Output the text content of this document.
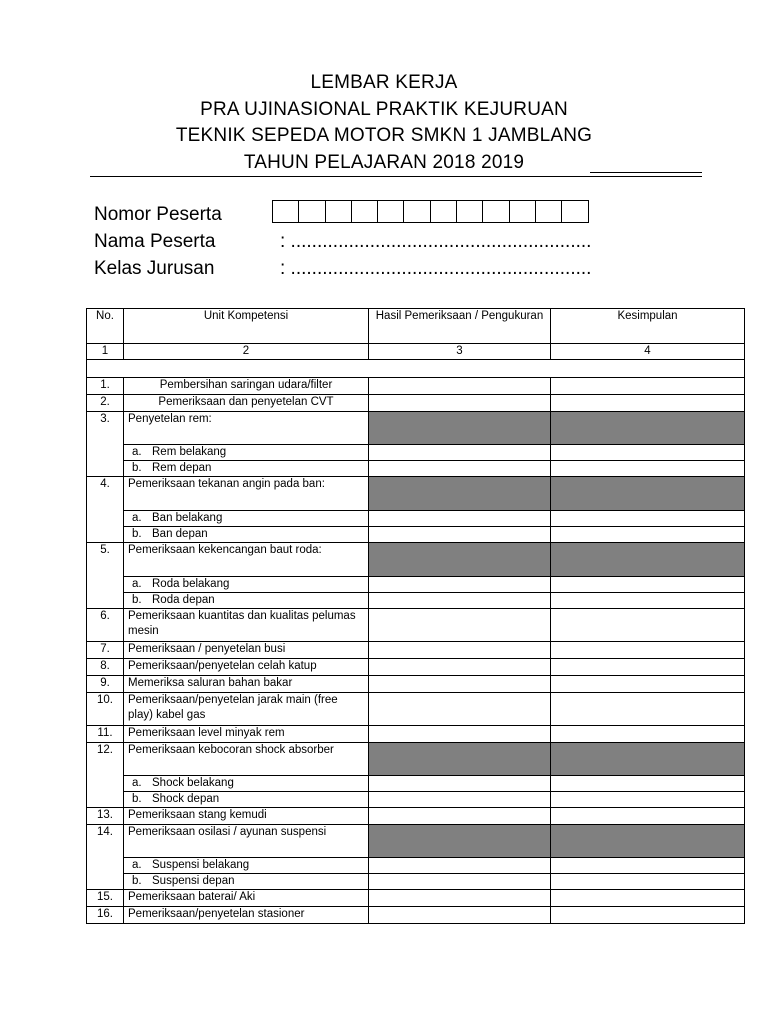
LEMBAR KERJA
PRA UJINASIONAL PRAKTIK KEJURUAN
TEKNIK SEPEDA MOTOR SMKN 1 JAMBLANG
TAHUN PELAJARAN 2018 2019
Nomor Peserta
Nama Peserta	: .........................................................
Kelas Jurusan	: .........................................................
No.	Unit Kompetensi	Hasil Pemeriksaan / Pengukuran	Kesimpulan
1	2	3	4

1.	Pembersihan saringan udara/filter		
2.	Pemeriksaan dan penyetelan CVT		
3.	Penyetelan rem:		
	a. Rem belakang		
	b. Rem depan		
4.	Pemeriksaan tekanan angin pada ban:		
	a. Ban belakang		
	b. Ban depan		
5.	Pemeriksaan kekencangan baut roda:		
	a. Roda belakang		
	b. Roda depan		
6.	Pemeriksaan kuantitas dan kualitas pelumas mesin		
7.	Pemeriksaan / penyetelan busi		
8.	Pemeriksaan/penyetelan celah katup		
9.	Memeriksa saluran bahan bakar		
10.	Pemeriksaan/penyetelan jarak main (free play) kabel gas		
11.	Pemeriksaan level minyak rem		
12.	Pemeriksaan kebocoran shock absorber		
	a. Shock belakang		
	b. Shock depan		
13.	Pemeriksaan stang kemudi		
14.	Pemeriksaan osilasi / ayunan suspensi		
	a. Suspensi belakang		
	b. Suspensi depan		
15.	Pemeriksaan baterai/ Aki		
16.	Pemeriksaan/penyetelan stasioner		
